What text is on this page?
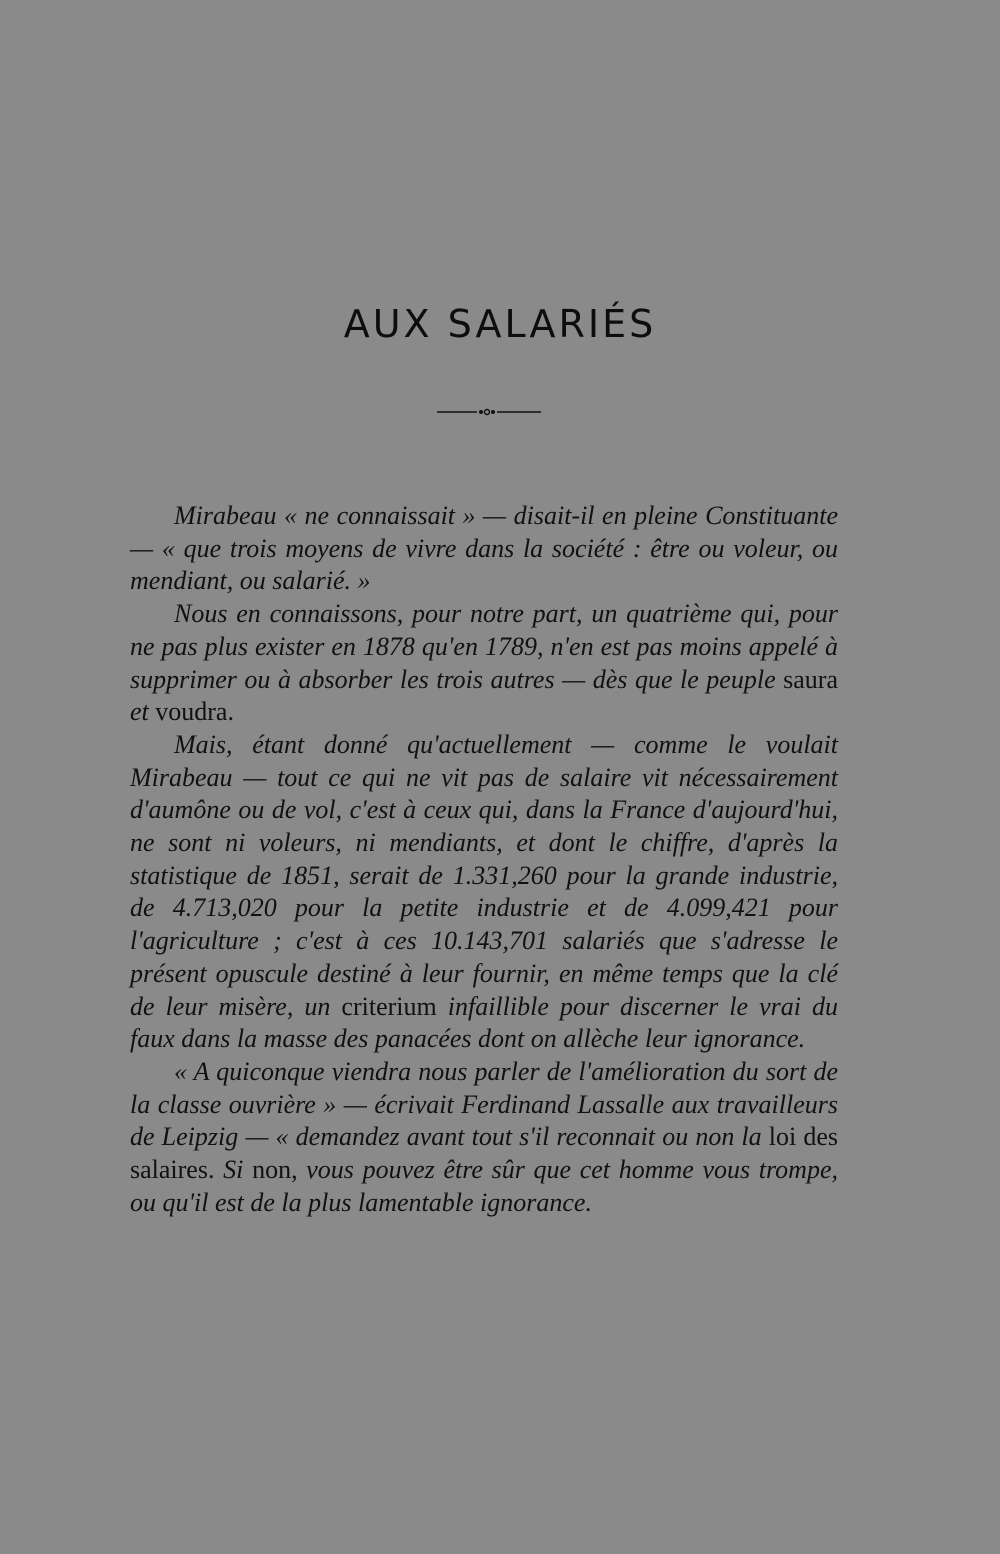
AUX SALARIÉS

Mirabeau « ne connaissait » — disait-il en pleine Constituante — « que trois moyens de vivre dans la société : être ou voleur, ou mendiant, ou salarié. »

Nous en connaissons, pour notre part, un quatrième qui, pour ne pas plus exister en 1878 qu'en 1789, n'en est pas moins appelé à supprimer ou à absorber les trois autres — dès que le peuple saura et voudra.

Mais, étant donné qu'actuellement — comme le voulait Mirabeau — tout ce qui ne vit pas de salaire vit nécessairement d'aumône ou de vol, c'est à ceux qui, dans la France d'aujourd'hui, ne sont ni voleurs, ni mendiants, et dont le chiffre, d'après la statistique de 1851, serait de 1.331,260 pour la grande industrie, de 4.713,020 pour la petite industrie et de 4.099,421 pour l'agriculture ; c'est à ces 10.143,701 salariés que s'adresse le présent opuscule destiné à leur fournir, en même temps que la clé de leur misère, un criterium infaillible pour discerner le vrai du faux dans la masse des panacées dont on allèche leur ignorance.

« A quiconque viendra nous parler de l'amélioration du sort de la classe ouvrière » — écrivait Ferdinand Lassalle aux travailleurs de Leipzig — « demandez avant tout s'il reconnait ou non la loi des salaires. Si non, vous pouvez être sûr que cet homme vous trompe, ou qu'il est de la plus lamentable ignorance.
